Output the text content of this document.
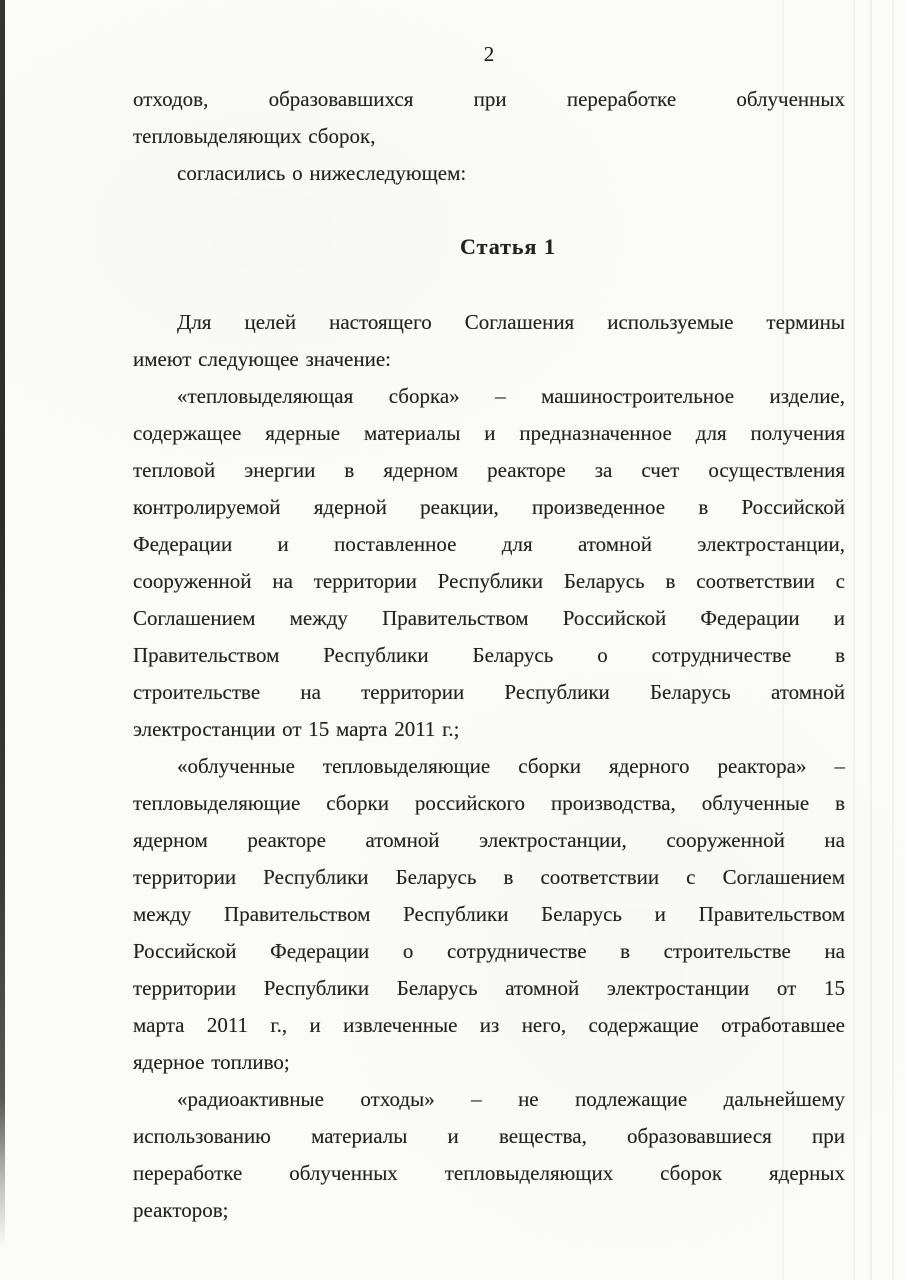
2
отходов, образовавшихся при переработке облученных
тепловыделяющих сборок,
согласились о нижеследующем:
Статья 1
Для целей настоящего Соглашения используемые термины
имеют следующее значение:
«тепловыделяющая сборка» – машиностроительное изделие,
содержащее ядерные материалы и предназначенное для получения
тепловой энергии в ядерном реакторе за счет осуществления
контролируемой ядерной реакции, произведенное в Российской
Федерации и поставленное для атомной электростанции,
сооруженной на территории Республики Беларусь в соответствии с
Соглашением между Правительством Российской Федерации и
Правительством Республики Беларусь о сотрудничестве в
строительстве на территории Республики Беларусь атомной
электростанции от 15 марта 2011 г.;
«облученные тепловыделяющие сборки ядерного реактора» –
тепловыделяющие сборки российского производства, облученные в
ядерном реакторе атомной электростанции, сооруженной на
территории Республики Беларусь в соответствии с Соглашением
между Правительством Республики Беларусь и Правительством
Российской Федерации о сотрудничестве в строительстве на
территории Республики Беларусь атомной электростанции от 15
марта 2011 г., и извлеченные из него, содержащие отработавшее
ядерное топливо;
«радиоактивные отходы» – не подлежащие дальнейшему
использованию материалы и вещества, образовавшиеся при
переработке облученных тепловыделяющих сборок ядерных
реакторов;
